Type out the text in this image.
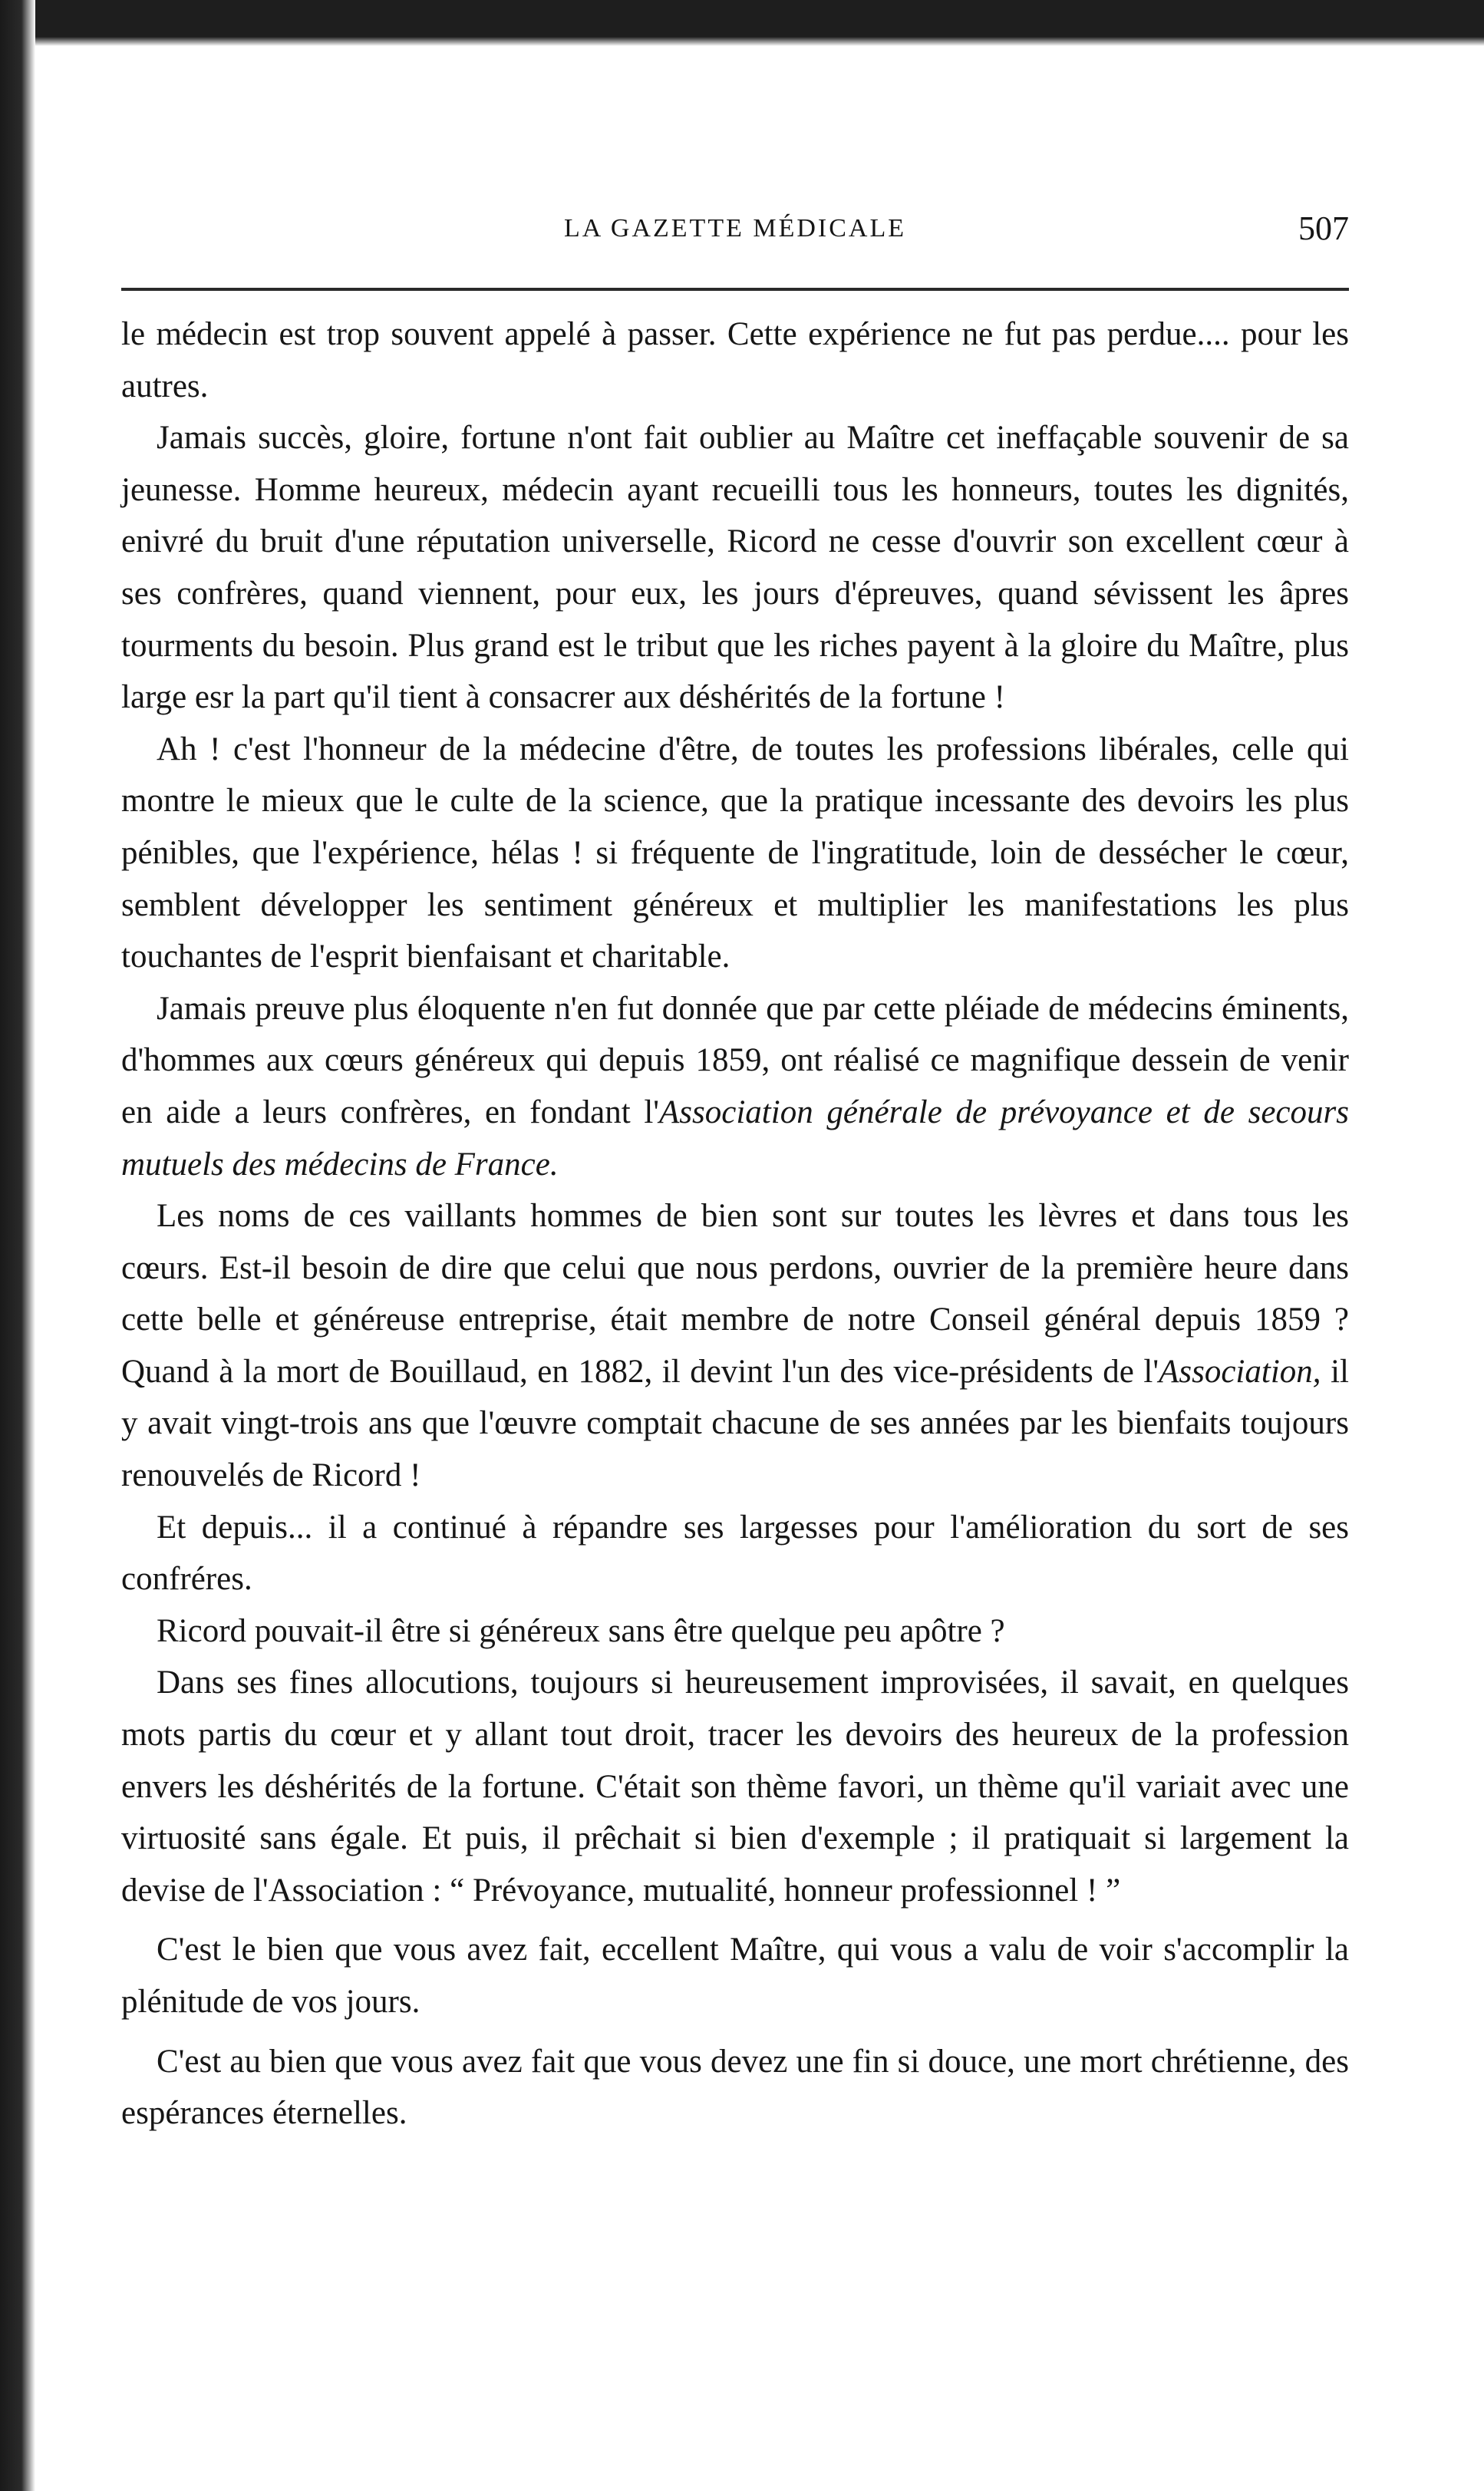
LA GAZETTE MÉDICALE	507

le médecin est trop souvent appelé à passer. Cette expérience ne fut pas perdue.... pour les autres.

Jamais succès, gloire, fortune n'ont fait oublier au Maître cet ineffaçable souvenir de sa jeunesse. Homme heureux, médecin ayant recueilli tous les honneurs, toutes les dignités, enivré du bruit d'une réputation universelle, Ricord ne cesse d'ouvrir son excellent cœur à ses confrères, quand viennent, pour eux, les jours d'épreuves, quand sévissent les âpres tourments du besoin. Plus grand est le tribut que les riches payent à la gloire du Maître, plus large esr la part qu'il tient à consacrer aux déshérités de la fortune !

Ah ! c'est l'honneur de la médecine d'être, de toutes les professions libérales, celle qui montre le mieux que le culte de la science, que la pratique incessante des devoirs les plus pénibles, que l'expérience, hélas ! si fréquente de l'ingratitude, loin de dessécher le cœur, semblent développer les sentiment généreux et multiplier les manifestations les plus touchantes de l'esprit bienfaisant et charitable.

Jamais preuve plus éloquente n'en fut donnée que par cette pléiade de médecins éminents, d'hommes aux cœurs généreux qui depuis 1859, ont réalisé ce magnifique dessein de venir en aide a leurs confrères, en fondant l'Association générale de prévoyance et de secours mutuels des médecins de France.

Les noms de ces vaillants hommes de bien sont sur toutes les lèvres et dans tous les cœurs. Est-il besoin de dire que celui que nous perdons, ouvrier de la première heure dans cette belle et généreuse entreprise, était membre de notre Conseil général depuis 1859 ? Quand à la mort de Bouillaud, en 1882, il devint l'un des vice-présidents de l'Association, il y avait vingt-trois ans que l'œuvre comptait chacune de ses années par les bienfaits toujours renouvelés de Ricord !

Et depuis... il a continué à répandre ses largesses pour l'amélioration du sort de ses confréres.

Ricord pouvait-il être si généreux sans être quelque peu apôtre ?

Dans ses fines allocutions, toujours si heureusement improvisées, il savait, en quelques mots partis du cœur et y allant tout droit, tracer les devoirs des heureux de la profession envers les déshérités de la fortune. C'était son thème favori, un thème qu'il variait avec une virtuosité sans égale. Et puis, il prêchait si bien d'exemple ; il pratiquait si largement la devise de l'Association : “ Prévoyance, mutualité, honneur professionnel ! ”

C'est le bien que vous avez fait, eccellent Maître, qui vous a valu de voir s'accomplir la plénitude de vos jours.

C'est au bien que vous avez fait que vous devez une fin si douce, une mort chrétienne, des espérances éternelles.
